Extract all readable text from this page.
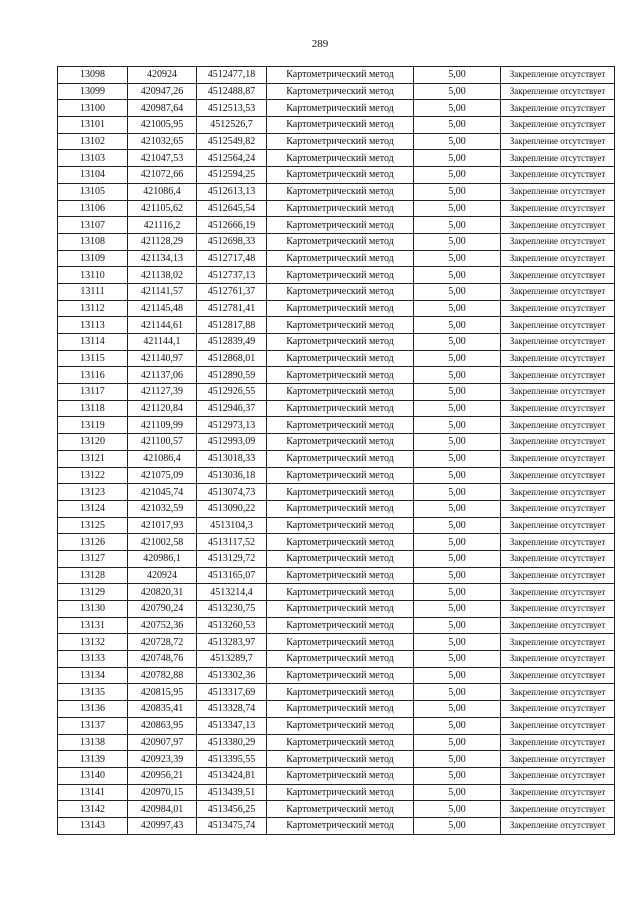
289
13098	420924	4512477,18	Картометрический метод	5,00	Закрепление отсутствует
13099	420947,26	4512488,87	Картометрический метод	5,00	Закрепление отсутствует
13100	420987,64	4512513,53	Картометрический метод	5,00	Закрепление отсутствует
13101	421005,95	4512526,7	Картометрический метод	5,00	Закрепление отсутствует
13102	421032,65	4512549,82	Картометрический метод	5,00	Закрепление отсутствует
13103	421047,53	4512564,24	Картометрический метод	5,00	Закрепление отсутствует
13104	421072,66	4512594,25	Картометрический метод	5,00	Закрепление отсутствует
13105	421086,4	4512613,13	Картометрический метод	5,00	Закрепление отсутствует
13106	421105,62	4512645,54	Картометрический метод	5,00	Закрепление отсутствует
13107	421116,2	4512666,19	Картометрический метод	5,00	Закрепление отсутствует
13108	421128,29	4512698,33	Картометрический метод	5,00	Закрепление отсутствует
13109	421134,13	4512717,48	Картометрический метод	5,00	Закрепление отсутствует
13110	421138,02	4512737,13	Картометрический метод	5,00	Закрепление отсутствует
13111	421141,57	4512761,37	Картометрический метод	5,00	Закрепление отсутствует
13112	421145,48	4512781,41	Картометрический метод	5,00	Закрепление отсутствует
13113	421144,61	4512817,88	Картометрический метод	5,00	Закрепление отсутствует
13114	421144,1	4512839,49	Картометрический метод	5,00	Закрепление отсутствует
13115	421140,97	4512868,01	Картометрический метод	5,00	Закрепление отсутствует
13116	421137,06	4512890,59	Картометрический метод	5,00	Закрепление отсутствует
13117	421127,39	4512926,55	Картометрический метод	5,00	Закрепление отсутствует
13118	421120,84	4512946,37	Картометрический метод	5,00	Закрепление отсутствует
13119	421109,99	4512973,13	Картометрический метод	5,00	Закрепление отсутствует
13120	421100,57	4512993,09	Картометрический метод	5,00	Закрепление отсутствует
13121	421086,4	4513018,33	Картометрический метод	5,00	Закрепление отсутствует
13122	421075,09	4513036,18	Картометрический метод	5,00	Закрепление отсутствует
13123	421045,74	4513074,73	Картометрический метод	5,00	Закрепление отсутствует
13124	421032,59	4513090,22	Картометрический метод	5,00	Закрепление отсутствует
13125	421017,93	4513104,3	Картометрический метод	5,00	Закрепление отсутствует
13126	421002,58	4513117,52	Картометрический метод	5,00	Закрепление отсутствует
13127	420986,1	4513129,72	Картометрический метод	5,00	Закрепление отсутствует
13128	420924	4513165,07	Картометрический метод	5,00	Закрепление отсутствует
13129	420820,31	4513214,4	Картометрический метод	5,00	Закрепление отсутствует
13130	420790,24	4513230,75	Картометрический метод	5,00	Закрепление отсутствует
13131	420752,36	4513260,53	Картометрический метод	5,00	Закрепление отсутствует
13132	420728,72	4513283,97	Картометрический метод	5,00	Закрепление отсутствует
13133	420748,76	4513289,7	Картометрический метод	5,00	Закрепление отсутствует
13134	420782,88	4513302,36	Картометрический метод	5,00	Закрепление отсутствует
13135	420815,95	4513317,69	Картометрический метод	5,00	Закрепление отсутствует
13136	420835,41	4513328,74	Картометрический метод	5,00	Закрепление отсутствует
13137	420863,95	4513347,13	Картометрический метод	5,00	Закрепление отсутствует
13138	420907,97	4513380,29	Картометрический метод	5,00	Закрепление отсутствует
13139	420923,39	4513395,55	Картометрический метод	5,00	Закрепление отсутствует
13140	420956,21	4513424,81	Картометрический метод	5,00	Закрепление отсутствует
13141	420970,15	4513439,51	Картометрический метод	5,00	Закрепление отсутствует
13142	420984,01	4513456,25	Картометрический метод	5,00	Закрепление отсутствует
13143	420997,43	4513475,74	Картометрический метод	5,00	Закрепление отсутствует
